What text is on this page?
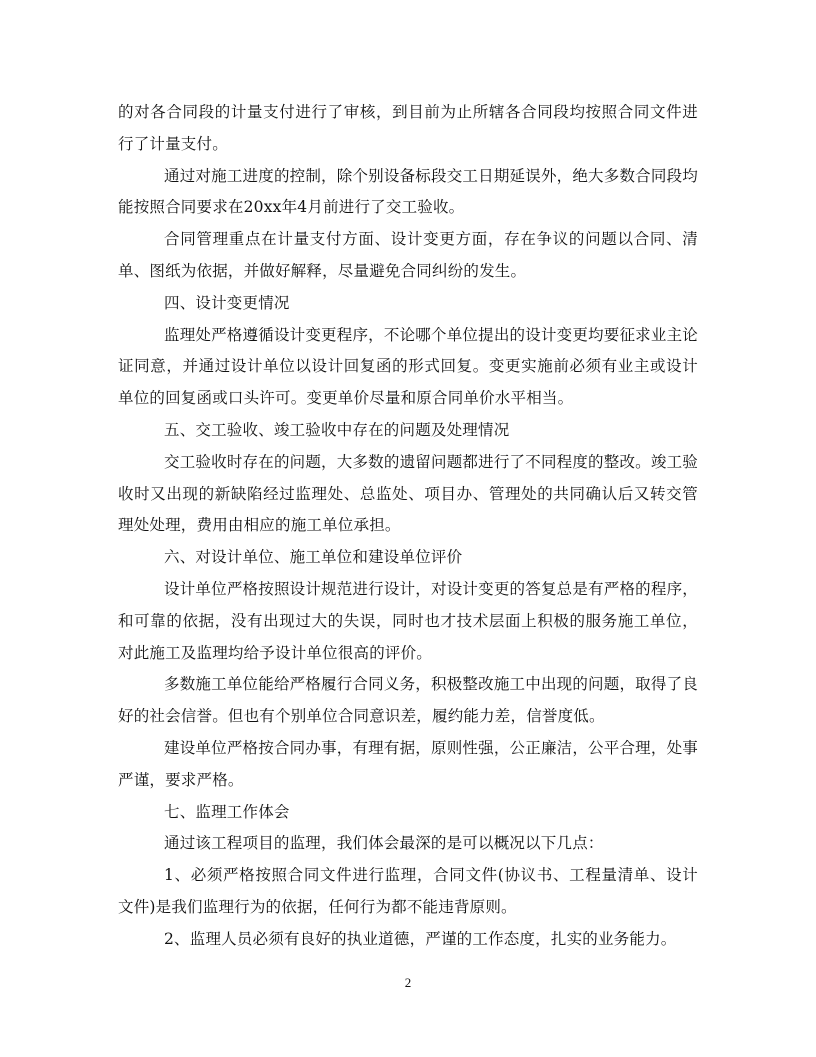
的对各合同段的计量支付进行了审核，到目前为止所辖各合同段均按照合同文件进行了计量支付。

通过对施工进度的控制，除个别设备标段交工日期延误外，绝大多数合同段均能按照合同要求在20xx年4月前进行了交工验收。

合同管理重点在计量支付方面、设计变更方面，存在争议的问题以合同、清单、图纸为依据，并做好解释，尽量避免合同纠纷的发生。

四、设计变更情况

监理处严格遵循设计变更程序，不论哪个单位提出的设计变更均要征求业主论证同意，并通过设计单位以设计回复函的形式回复。变更实施前必须有业主或设计单位的回复函或口头许可。变更单价尽量和原合同单价水平相当。

五、交工验收、竣工验收中存在的问题及处理情况

交工验收时存在的问题，大多数的遗留问题都进行了不同程度的整改。竣工验收时又出现的新缺陷经过监理处、总监处、项目办、管理处的共同确认后又转交管理处处理，费用由相应的施工单位承担。

六、对设计单位、施工单位和建设单位评价

设计单位严格按照设计规范进行设计，对设计变更的答复总是有严格的程序，和可靠的依据，没有出现过大的失误，同时也才技术层面上积极的服务施工单位，对此施工及监理均给予设计单位很高的评价。

多数施工单位能给严格履行合同义务，积极整改施工中出现的问题，取得了良好的社会信誉。但也有个别单位合同意识差，履约能力差，信誉度低。

建设单位严格按合同办事，有理有据，原则性强，公正廉洁，公平合理，处事严谨，要求严格。

七、监理工作体会

通过该工程项目的监理，我们体会最深的是可以概况以下几点：

1、必须严格按照合同文件进行监理，合同文件(协议书、工程量清单、设计文件)是我们监理行为的依据，任何行为都不能违背原则。

2、监理人员必须有良好的执业道德，严谨的工作态度，扎实的业务能力。

2
